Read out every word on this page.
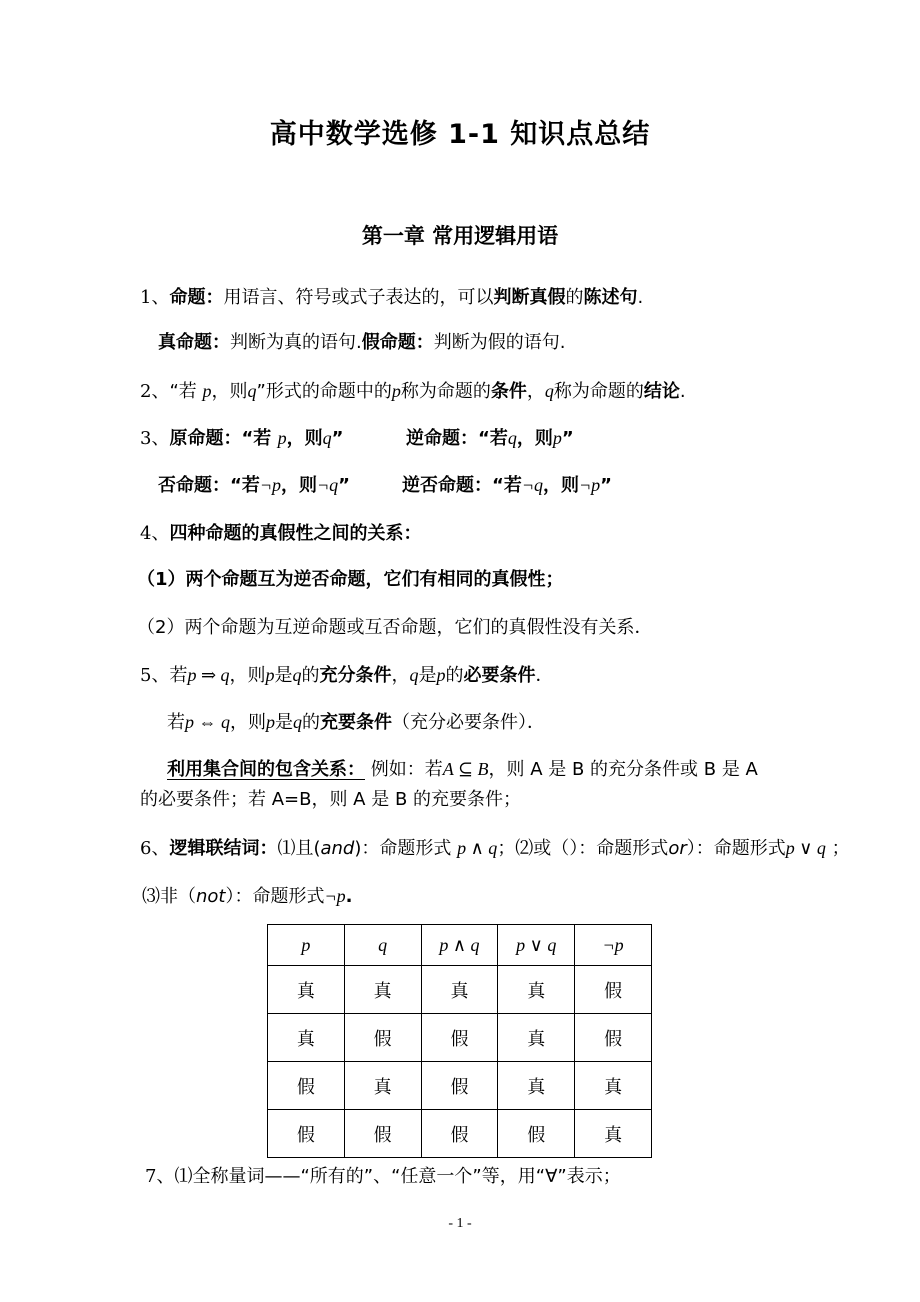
高中数学选修 1-1 知识点总结
第一章 常用逻辑用语
1、命题：用语言、符号或式子表达的，可以判断真假的陈述句.
真命题：判断为真的语句.假命题：判断为假的语句.
2、“若 p，则q”形式的命题中的p称为命题的条件，q称为命题的结论.
3、原命题：“若 p，则q”	逆命题：“若q，则p”
否命题：“若¬p，则¬q”	逆否命题：“若¬q，则¬p”
4、四种命题的真假性之间的关系：
（1）两个命题互为逆否命题，它们有相同的真假性；
（2）两个命题为互逆命题或互否命题，它们的真假性没有关系．
5、若p ⇒ q，则p是q的充分条件，q是p的必要条件．
若p ⇔ q，则p是q的充要条件（充分必要条件）．
利用集合间的包含关系： 例如：若A ⊆ B，则 A 是 B 的充分条件或 B 是 A
的必要条件；若 A=B，则 A 是 B 的充要条件；
6、逻辑联结词：⑴且(and)：命题形式 p ∧ q；⑵或（）：命题形式or）：命题形式p ∨ q ；
⑶非（not）：命题形式¬p.
p	q	p ∧ q	p ∨ q	¬p
真	真	真	真	假
真	假	假	真	假
假	真	假	真	真
假	假	假	假	真
7、⑴全称量词——“所有的”、“任意一个”等，用“∀”表示；
- 1 -
